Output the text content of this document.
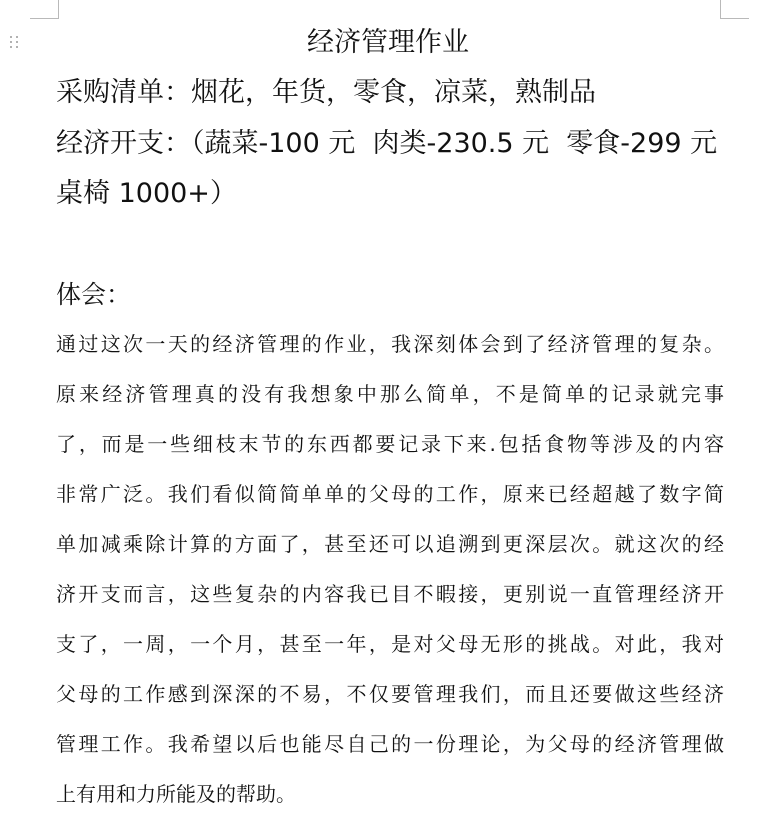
经济管理作业
采购清单：烟花，年货，零食，凉菜，熟制品
经济开支：（蔬菜-100 元  肉类-230.5 元  零食-299 元
桌椅 1000+）
体会：
通过这次一天的经济管理的作业，我深刻体会到了经济管理的复杂。
原来经济管理真的没有我想象中那么简单，不是简单的记录就完事
了，而是一些细枝末节的东西都要记录下来.包括食物等涉及的内容
非常广泛。我们看似简简单单的父母的工作，原来已经超越了数字简
单加减乘除计算的方面了，甚至还可以追溯到更深层次。就这次的经
济开支而言，这些复杂的内容我已目不暇接，更别说一直管理经济开
支了，一周，一个月，甚至一年，是对父母无形的挑战。对此，我对
父母的工作感到深深的不易，不仅要管理我们，而且还要做这些经济
管理工作。我希望以后也能尽自己的一份理论，为父母的经济管理做
上有用和力所能及的帮助。
